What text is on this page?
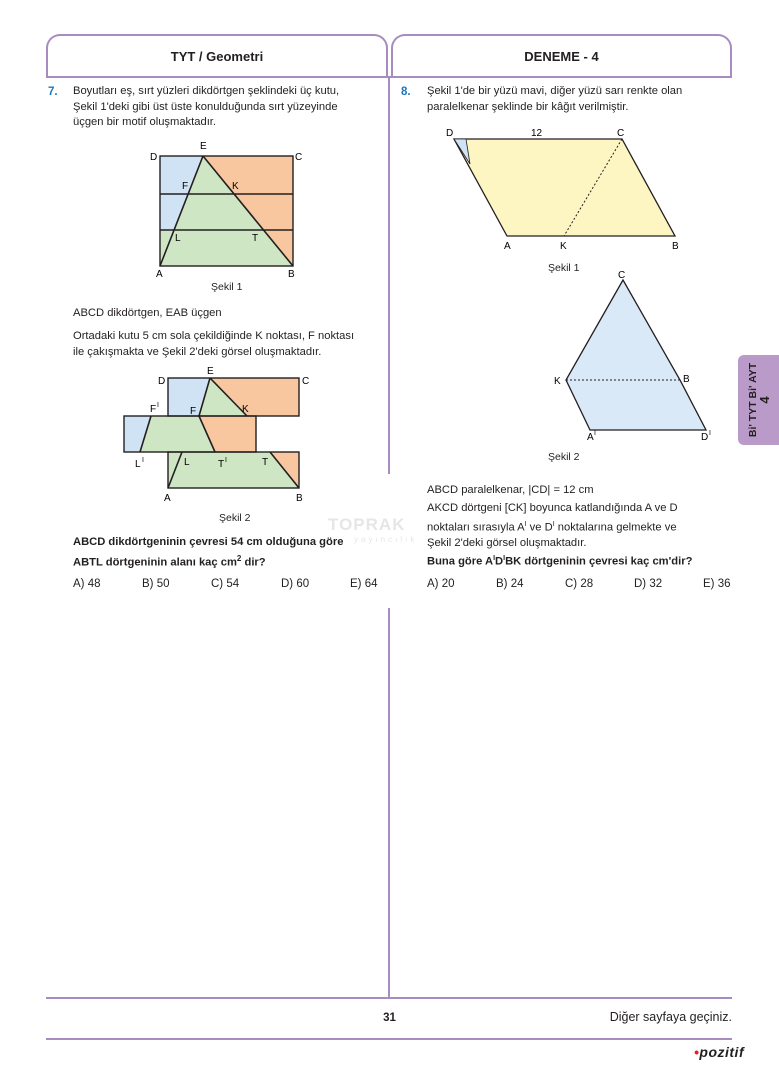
TYT / Geometri	DENEME - 4
TOPRAK
yayıncılık
7. Boyutları eş, sırt yüzleri dikdörtgen şeklindeki üç kutu,
Şekil 1'deki gibi üst üste konulduğunda sırt yüzeyinde
üçgen bir motif oluşmaktadır.
D
E
C
F	K
L	T
A	B
Şekil 1
ABCD dikdörtgen, EAB üçgen
Ortadaki kutu 5 cm sola çekildiğinde K noktası, F noktası
ile çakışmakta ve Şekil 2'deki görsel oluşmaktadır.
D
E
C
F I
F	K
L I	L	T I	T
A	B
Şekil 2
ABCD dikdörtgeninin çevresi 54 cm olduğuna göre
ABTL dörtgeninin alanı kaç $cm^2$ dir?
A) 48	B) 50	C) 54	D) 60	E) 64
8. Şekil 1'de bir yüzü mavi, diğer yüzü sarı renkte olan
paralelkenar şeklinde bir kâğıt verilmiştir.
D	12	C
A	K	B
Şekil 1
C
K	B
A I	D I
Şekil 2
ABCD paralelkenar, |CD| = 12 cm
AKCD dörtgeni [CK] boyunca katlandığında A ve D
noktaları sırasıyla $A^I$ ve $D^I$ noktalarına gelmekte ve
Şekil 2'deki görsel oluşmaktadır.
Buna göre $A^ID^IBK$ dörtgeninin çevresi kaç cm'dir?
A) 20	B) 24	C) 28	D) 32	E) 36
Bi' TYT Bi' AYT
4
31	Diğer sayfaya geçiniz.
•pozitif
